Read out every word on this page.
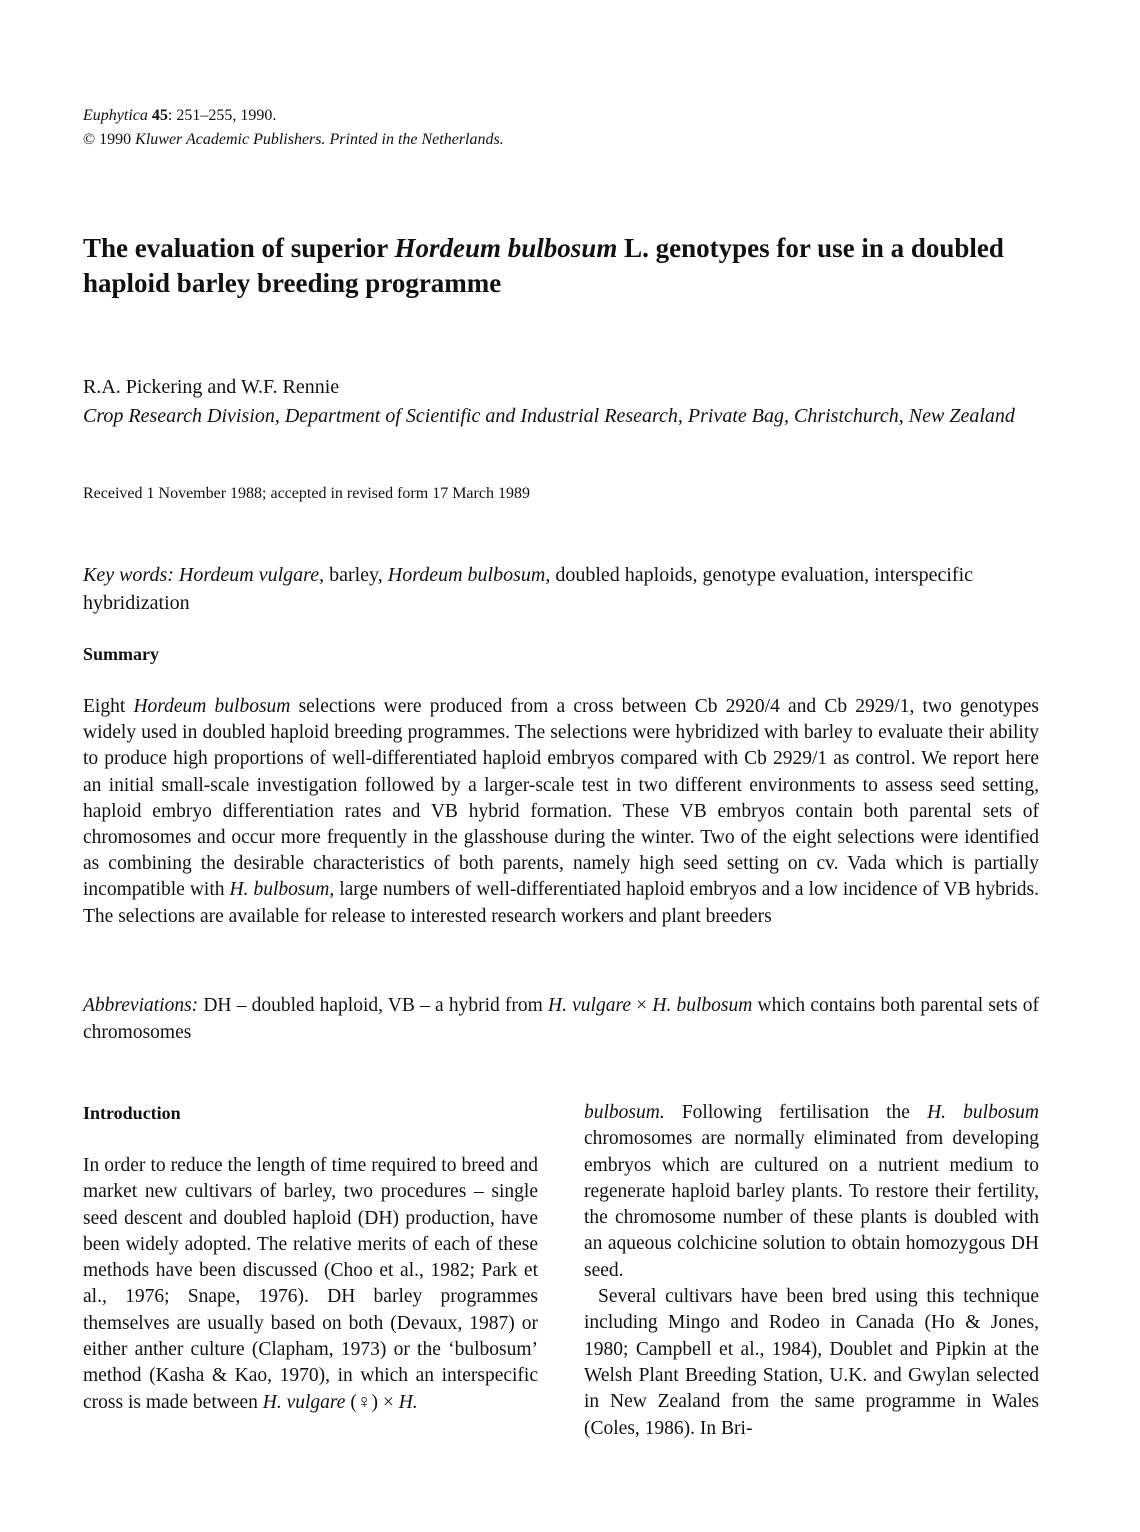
Euphytica 45: 251–255, 1990.
© 1990 Kluwer Academic Publishers. Printed in the Netherlands.
The evaluation of superior Hordeum bulbosum L. genotypes for use in a doubled haploid barley breeding programme
R.A. Pickering and W.F. Rennie
Crop Research Division, Department of Scientific and Industrial Research, Private Bag, Christchurch, New Zealand
Received 1 November 1988; accepted in revised form 17 March 1989
Key words: Hordeum vulgare, barley, Hordeum bulbosum, doubled haploids, genotype evaluation, interspecific hybridization
Summary
Eight Hordeum bulbosum selections were produced from a cross between Cb 2920/4 and Cb 2929/1, two genotypes widely used in doubled haploid breeding programmes. The selections were hybridized with barley to evaluate their ability to produce high proportions of well-differentiated haploid embryos compared with Cb 2929/1 as control. We report here an initial small-scale investigation followed by a larger-scale test in two different environments to assess seed setting, haploid embryo differentiation rates and VB hybrid formation. These VB embryos contain both parental sets of chromosomes and occur more frequently in the glasshouse during the winter. Two of the eight selections were identified as combining the desirable characteristics of both parents, namely high seed setting on cv. Vada which is partially incompatible with H. bulbosum, large numbers of well-differentiated haploid embryos and a low incidence of VB hybrids. The selections are available for release to interested research workers and plant breeders
Abbreviations: DH – doubled haploid, VB – a hybrid from H. vulgare × H. bulbosum which contains both parental sets of chromosomes
Introduction

In order to reduce the length of time required to breed and market new cultivars of barley, two procedures – single seed descent and doubled haploid (DH) production, have been widely adopted. The relative merits of each of these methods have been discussed (Choo et al., 1982; Park et al., 1976; Snape, 1976). DH barley programmes themselves are usually based on both (Devaux, 1987) or either anther culture (Clapham, 1973) or the ‘bulbosum’ method (Kasha & Kao, 1970), in which an interspecific cross is made between H. vulgare (♀) × H.

bulbosum. Following fertilisation the H. bulbosum chromosomes are normally eliminated from developing embryos which are cultured on a nutrient medium to regenerate haploid barley plants. To restore their fertility, the chromosome number of these plants is doubled with an aqueous colchicine solution to obtain homozygous DH seed.

Several cultivars have been bred using this technique including Mingo and Rodeo in Canada (Ho & Jones, 1980; Campbell et al., 1984), Doublet and Pipkin at the Welsh Plant Breeding Station, U.K. and Gwylan selected in New Zealand from the same programme in Wales (Coles, 1986). In Bri-
